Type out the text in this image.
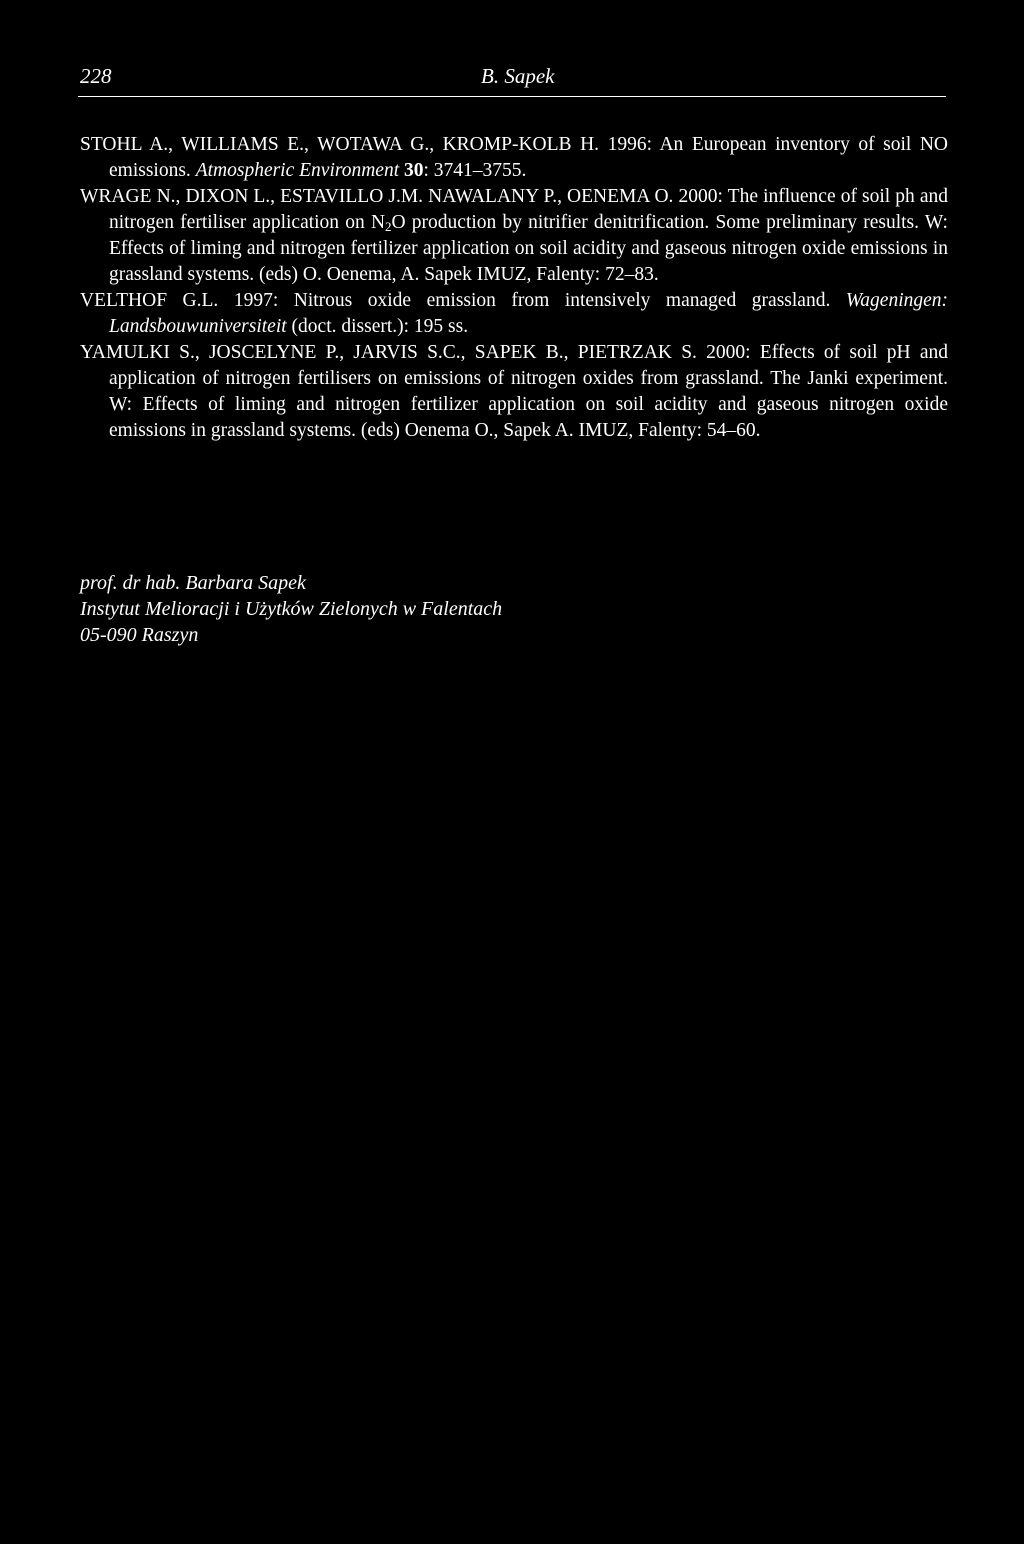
228	B. Sapek
STOHL A., WILLIAMS E., WOTAWA G., KROMP-KOLB H. 1996: An European inventory of soil NO emissions. Atmospheric Environment 30: 3741–3755.
WRAGE N., DIXON L., ESTAVILLO J.M. NAWALANY P., OENEMA O. 2000: The influence of soil ph and nitrogen fertiliser application on $N_2O$ production by nitrifier denitrification. Some preliminary results. W: Effects of liming and nitrogen fertilizer application on soil acidity and gaseous nitrogen oxide emissions in grassland systems. (eds) O. Oenema, A. Sapek IMUZ, Falenty: 72–83.
VELTHOF G.L. 1997: Nitrous oxide emission from intensively managed grassland. Wageningen: Landsbouwuniversiteit (doct. dissert.): 195 ss.
YAMULKI S., JOSCELYNE P., JARVIS S.C., SAPEK B., PIETRZAK S. 2000: Effects of soil pH and application of nitrogen fertilisers on emissions of nitrogen oxides from grassland. The Janki experiment. W: Effects of liming and nitrogen fertilizer application on soil acidity and gaseous nitrogen oxide emissions in grassland systems. (eds) Oenema O., Sapek A. IMUZ, Falenty: 54–60.
prof. dr hab. Barbara Sapek
Instytut Melioracji i Użytków Zielonych w Falentach
05-090 Raszyn
